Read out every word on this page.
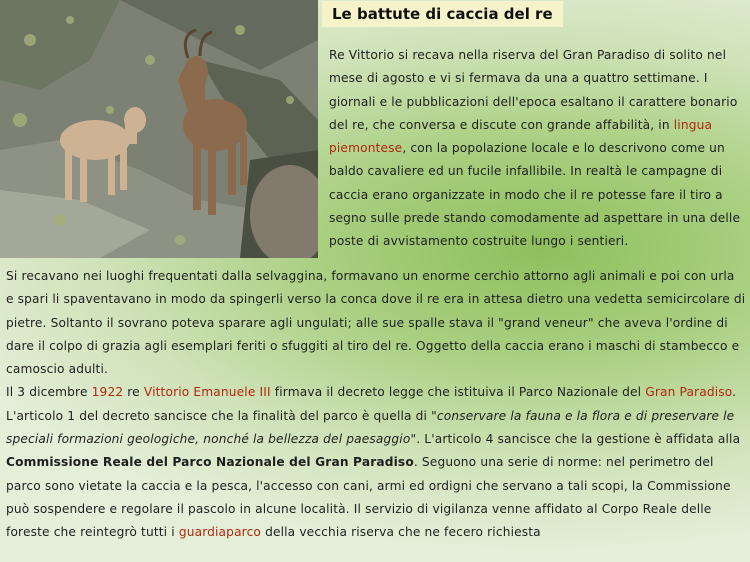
Le battute di caccia del re

Re Vittorio si recava nella riserva del Gran Paradiso di solito nel mese di agosto e vi si fermava da una a quattro settimane. I giornali e le pubblicazioni dell'epoca esaltano il carattere bonario del re, che conversa e discute con grande affabilità, in lingua piemontese, con la popolazione locale e lo descrivono come un baldo cavaliere ed un fucile infallibile. In realtà le campagne di caccia erano organizzate in modo che il re potesse fare il tiro a segno sulle prede stando comodamente ad aspettare in una delle poste di avvistamento costruite lungo i sentieri.

Si recavano nei luoghi frequentati dalla selvaggina, formavano un enorme cerchio attorno agli animali e poi con urla e spari li spaventavano in modo da spingerli verso la conca dove il re era in attesa dietro una vedetta semicircolare di pietre. Soltanto il sovrano poteva sparare agli ungulati; alle sue spalle stava il "grand veneur" che aveva l'ordine di dare il colpo di grazia agli esemplari feriti o sfuggiti al tiro del re. Oggetto della caccia erano i maschi di stambecco e camoscio adulti.

Il 3 dicembre 1922 re Vittorio Emanuele III firmava il decreto legge che istituiva il Parco Nazionale del Gran Paradiso. L'articolo 1 del decreto sancisce che la finalità del parco è quella di "conservare la fauna e la flora e di preservare le speciali formazioni geologiche, nonché la bellezza del paesaggio". L'articolo 4 sancisce che la gestione è affidata alla Commissione Reale del Parco Nazionale del Gran Paradiso. Seguono una serie di norme: nel perimetro del parco sono vietate la caccia e la pesca, l'accesso con cani, armi ed ordigni che servano a tali scopi, la Commissione può sospendere e regolare il pascolo in alcune località. Il servizio di vigilanza venne affidato al Corpo Reale delle foreste che reintegrò tutti i guardiaparco della vecchia riserva che ne fecero richiesta
